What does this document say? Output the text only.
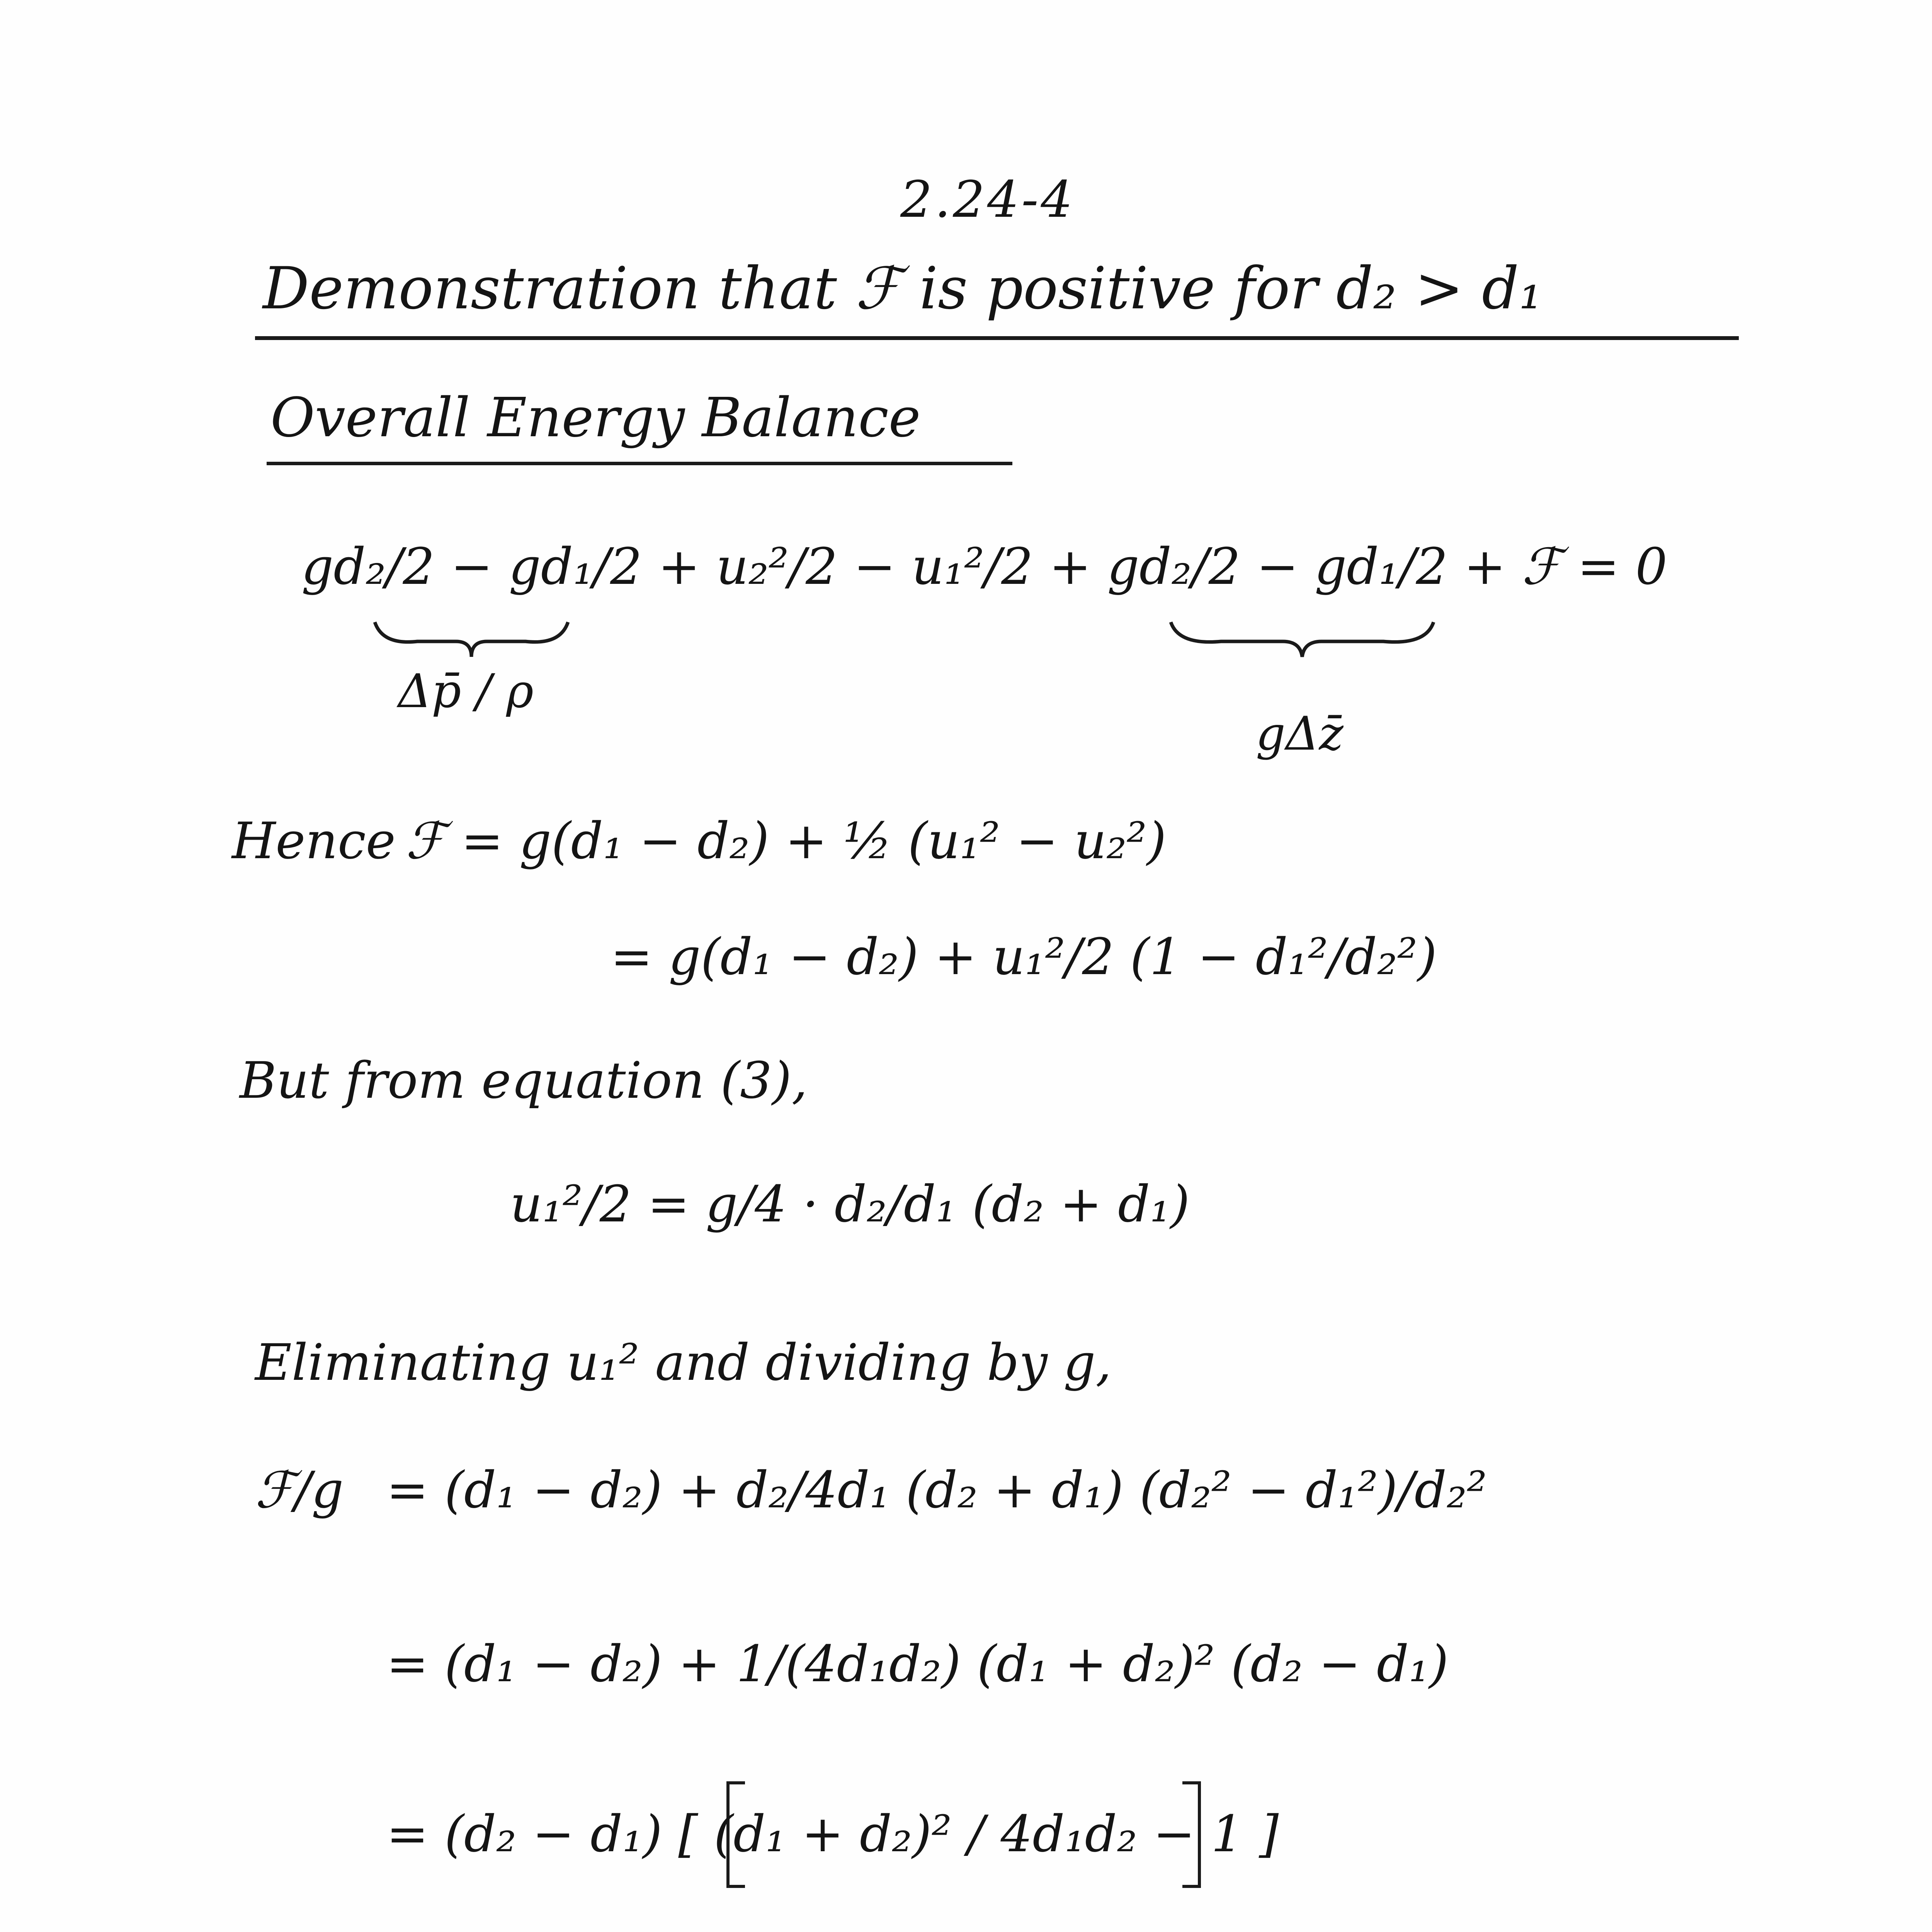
2.24-4
Demonstration that ℱ is positive for d₂ > d₁
Overall Energy Balance
gd₂/2 − gd₁/2 + u₂²/2 − u₁²/2 + gd₂/2 − gd₁/2 + ℱ = 0
Δp̄ / ρ
gΔz̄
Hence ℱ = g(d₁ − d₂) + ½ (u₁² − u₂²)
= g(d₁ − d₂) + u₁²/2 (1 − d₁²/d₂²)
But from equation (3),
u₁²/2 = g/4 · d₂/d₁ (d₂ + d₁)
Eliminating u₁² and dividing by g,
ℱ/g = (d₁ − d₂) + d₂/4d₁ (d₂ + d₁) (d₂² − d₁²)/d₂²
= (d₁ − d₂) + 1/(4d₁d₂) (d₁ + d₂)² (d₂ − d₁)
= (d₂ − d₁) [ (d₁ + d₂)² / 4d₁d₂ − 1 ]
